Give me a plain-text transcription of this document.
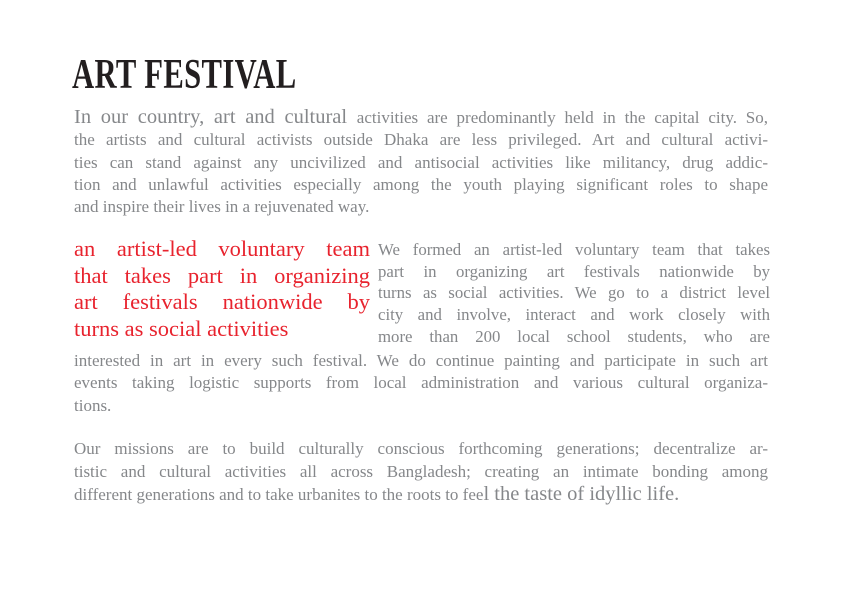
ART FESTIVAL
In our country, art and cultural activities are predominantly held in the capital city. So,
the artists and cultural activists outside Dhaka are less privileged. Art and cultural activi-
ties can stand against any uncivilized and antisocial activities like militancy, drug addic-
tion and unlawful activities especially among the youth playing significant roles to shape
and inspire their lives in a rejuvenated way.
an artist-led voluntary team
that takes part in organizing
art festivals nationwide by
turns as social activities
We formed an artist-led voluntary team that takes
part in organizing art festivals nationwide by
turns as social activities. We go to a district level
city and involve, interact and work closely with
more than 200 local school students, who are
interested in art in every such festival. We do continue painting and participate in such art
events taking logistic supports from local administration and various cultural organiza-
tions.
Our missions are to build culturally conscious forthcoming generations; decentralize ar-
tistic and cultural activities all across Bangladesh; creating an intimate bonding among
different generations and to take urbanites to the roots to feel the taste of idyllic life.
